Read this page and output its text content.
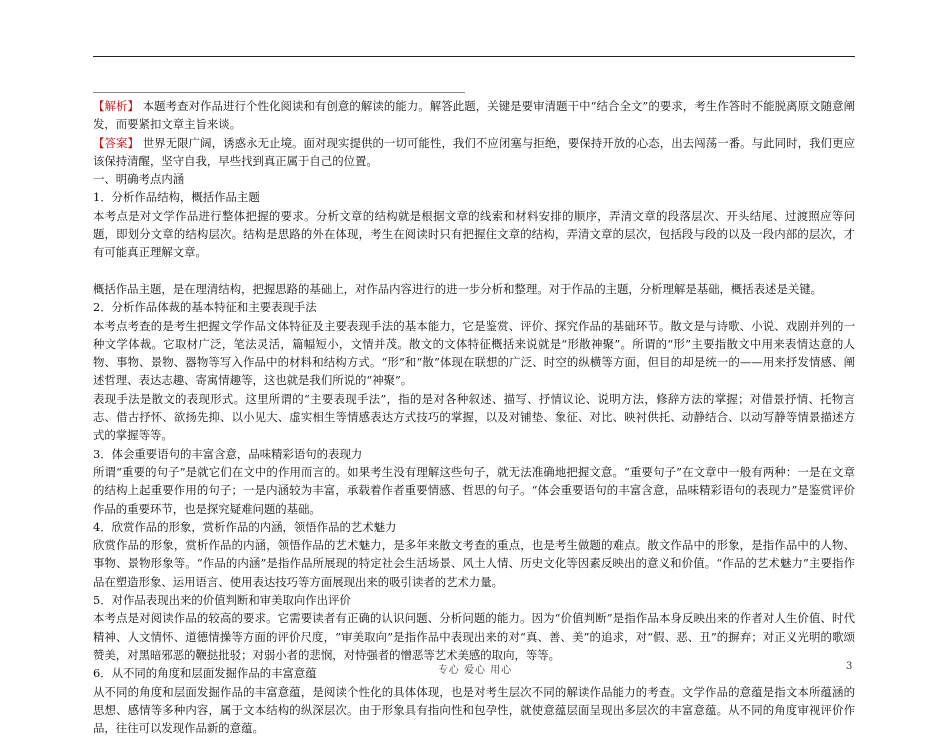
【解析】 本题考查对作品进行个性化阅读和有创意的解读的能力。解答此题，关键是要审清题干中“结合全文”的要求，考生作答时不能脱离原文随意阐发，而要紧扣文章主旨来谈。

【答案】 世界无限广阔，诱惑永无止境。面对现实提供的一切可能性，我们不应闭塞与拒绝，要保持开放的心态，出去闯荡一番。与此同时，我们更应该保持清醒，坚守自我，早些找到真正属于自己的位置。

一、明确考点内涵

1．分析作品结构，概括作品主题

本考点是对文学作品进行整体把握的要求。分析文章的结构就是根据文章的线索和材料安排的顺序，弄清文章的段落层次、开头结尾、过渡照应等问题，即划分文章的结构层次。结构是思路的外在体现，考生在阅读时只有把握住文章的结构，弄清文章的层次，包括段与段的以及一段内部的层次，才有可能真正理解文章。

概括作品主题，是在理清结构，把握思路的基础上，对作品内容进行的进一步分析和整理。对于作品的主题，分析理解是基础，概括表述是关键。

2．分析作品体裁的基本特征和主要表现手法

本考点考查的是考生把握文学作品文体特征及主要表现手法的基本能力，它是鉴赏、评价、探究作品的基础环节。散文是与诗歌、小说、戏剧并列的一种文学体裁。它取材广泛，笔法灵活，篇幅短小，文情并茂。散文的文体特征概括来说就是“形散神聚”。所谓的“形”主要指散文中用来表情达意的人物、事物、景物、器物等写入作品中的材料和结构方式。“形”和“散”体现在联想的广泛、时空的纵横等方面，但目的却是统一的——用来抒发情感、阐述哲理、表达志趣、寄寓情趣等，这也就是我们所说的“神聚”。

表现手法是散文的表现形式。这里所谓的“主要表现手法”，指的是对各种叙述、描写、抒情议论、说明方法，修辞方法的掌握；对借景抒情、托物言志、借古抒怀、欲扬先抑、以小见大、虚实相生等情感表达方式技巧的掌握，以及对铺垫、象征、对比、映衬供托、动静结合、以动写静等情景描述方式的掌握等等。

3．体会重要语句的丰富含意，品味精彩语句的表现力

所谓“重要的句子”是就它们在文中的作用而言的。如果考生没有理解这些句子，就无法准确地把握文意。“重要句子”在文章中一般有两种：一是在文章的结构上起重要作用的句子；一是内涵较为丰富，承载着作者重要情感、哲思的句子。“体会重要语句的丰富含意，品味精彩语句的表现力”是鉴赏评价作品的重要环节，也是探究疑难问题的基础。

4．欣赏作品的形象，赏析作品的内涵，领悟作品的艺术魅力

欣赏作品的形象，赏析作品的内涵，领悟作品的艺术魅力，是多年来散文考查的重点，也是考生做题的难点。散文作品中的形象，是指作品中的人物、事物、景物形象等。“作品的内涵”是指作品所展现的特定社会生活场景、风土人情、历史文化等因素反映出的意义和价值。“作品的艺术魅力”主要指作品在塑造形象、运用语言、使用表达技巧等方面展现出来的吸引读者的艺术力量。

5．对作品表现出来的价值判断和审美取向作出评价

本考点是对阅读作品的较高的要求。它需要读者有正确的认识问题、分析问题的能力。因为“价值判断”是指作品本身反映出来的作者对人生价值、时代精神、人文情怀、道德情操等方面的评价尺度，“审美取向”是指作品中表现出来的对“真、善、美”的追求，对“假、恶、丑”的摒弃；对正义光明的歌颂赞美，对黑暗邪恶的鞭挞批驳；对弱小者的悲悯，对恃强者的憎恶等艺术美感的取向，等等。

6．从不同的角度和层面发掘作品的丰富意蕴

从不同的角度和层面发掘作品的丰富意蕴，是阅读个性化的具体体现，也是对考生层次不同的解读作品能力的考查。文学作品的意蕴是指文本所蕴涵的思想、感情等多种内容，属于文本结构的纵深层次。由于形象具有指向性和包孕性，就使意蕴层面呈现出多层次的丰富意蕴。从不同的角度审视评价作品，往往可以发现作品新的意蕴。

专心 爱心 用心	3
